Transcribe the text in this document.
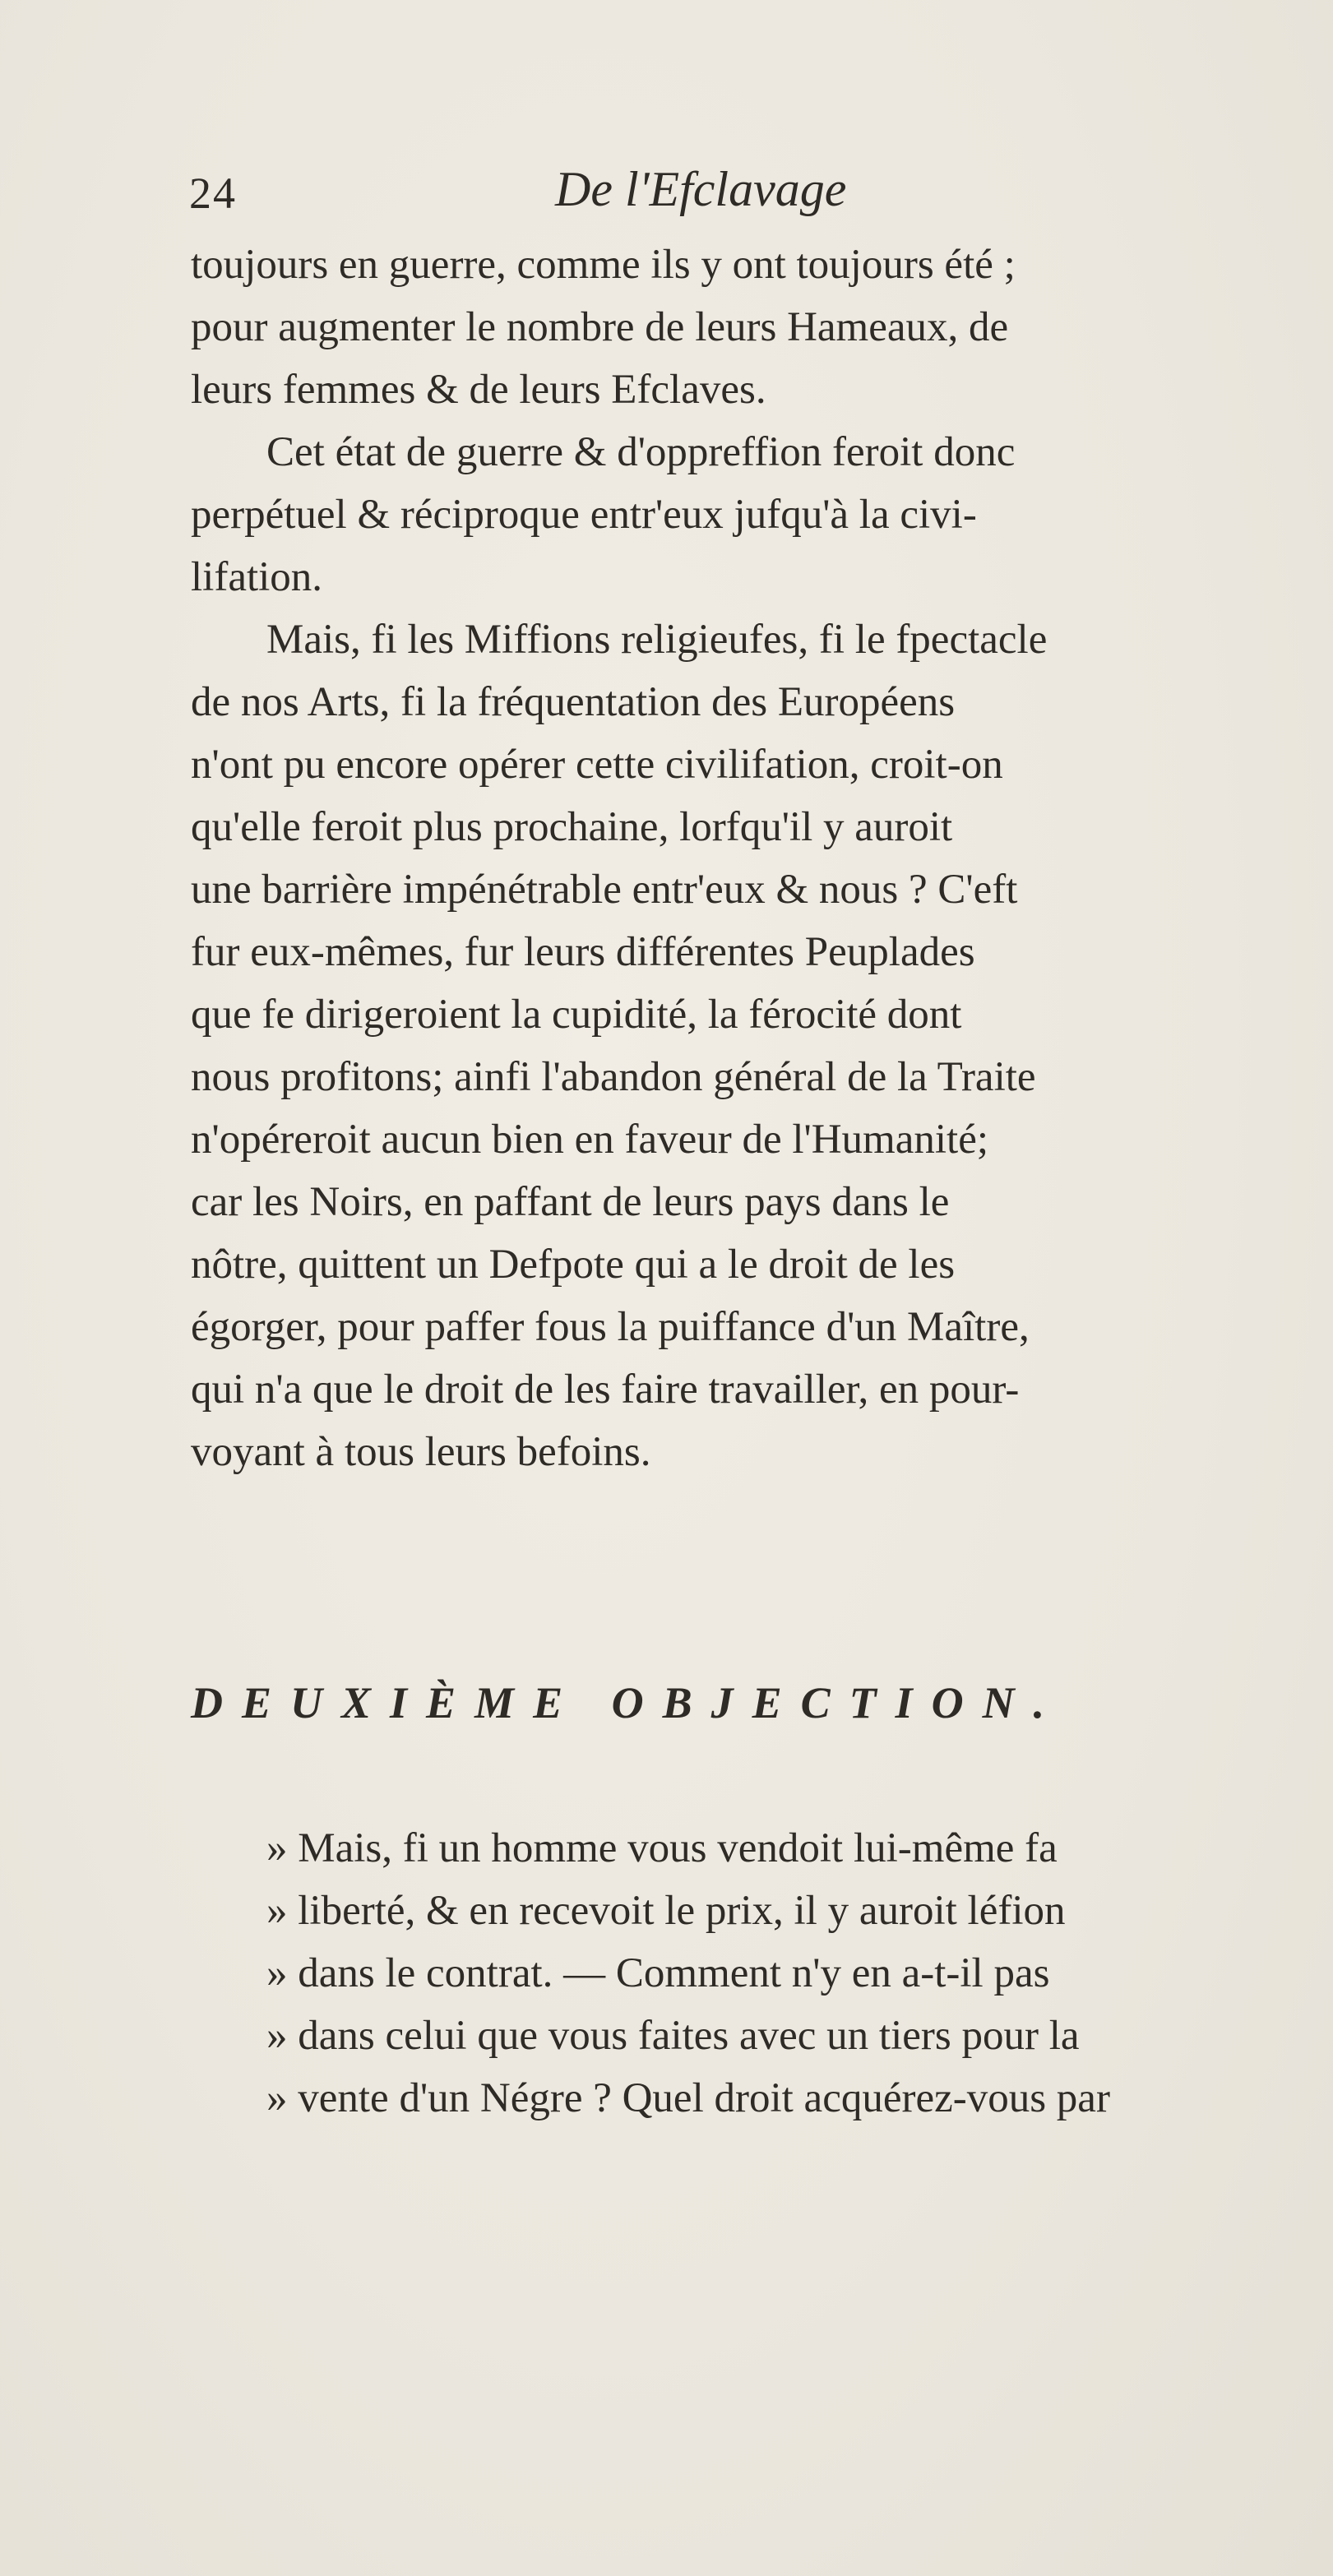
24	De l'Efclavage
toujours en guerre, comme ils y ont toujours été ;
pour augmenter le nombre de leurs Hameaux, de
leurs femmes & de leurs Efclaves.
Cet état de guerre & d'oppreffion feroit donc
perpétuel & réciproque entr'eux jufqu'à la civi-
lifation.
Mais, fi les Miffions religieufes, fi le fpectacle
de nos Arts, fi la fréquentation des Européens
n'ont pu encore opérer cette civilifation, croit-on
qu'elle feroit plus prochaine, lorfqu'il y auroit
une barrière impénétrable entr'eux & nous ? C'eft
fur eux-mêmes, fur leurs différentes Peuplades
que fe dirigeroient la cupidité, la férocité dont
nous profitons; ainfi l'abandon général de la Traite
n'opéreroit aucun bien en faveur de l'Humanité;
car les Noirs, en paffant de leurs pays dans le
nôtre, quittent un Defpote qui a le droit de les
égorger, pour paffer fous la puiffance d'un Maître,
qui n'a que le droit de les faire travailler, en pour-
voyant à tous leurs befoins.
DEUXIÈME OBJECTION.
» Mais, fi un homme vous vendoit lui-même fa
» liberté, & en recevoit le prix, il y auroit léfion
» dans le contrat. — Comment n'y en a-t-il pas
» dans celui que vous faites avec un tiers pour la
» vente d'un Négre ? Quel droit acquérez-vous par
